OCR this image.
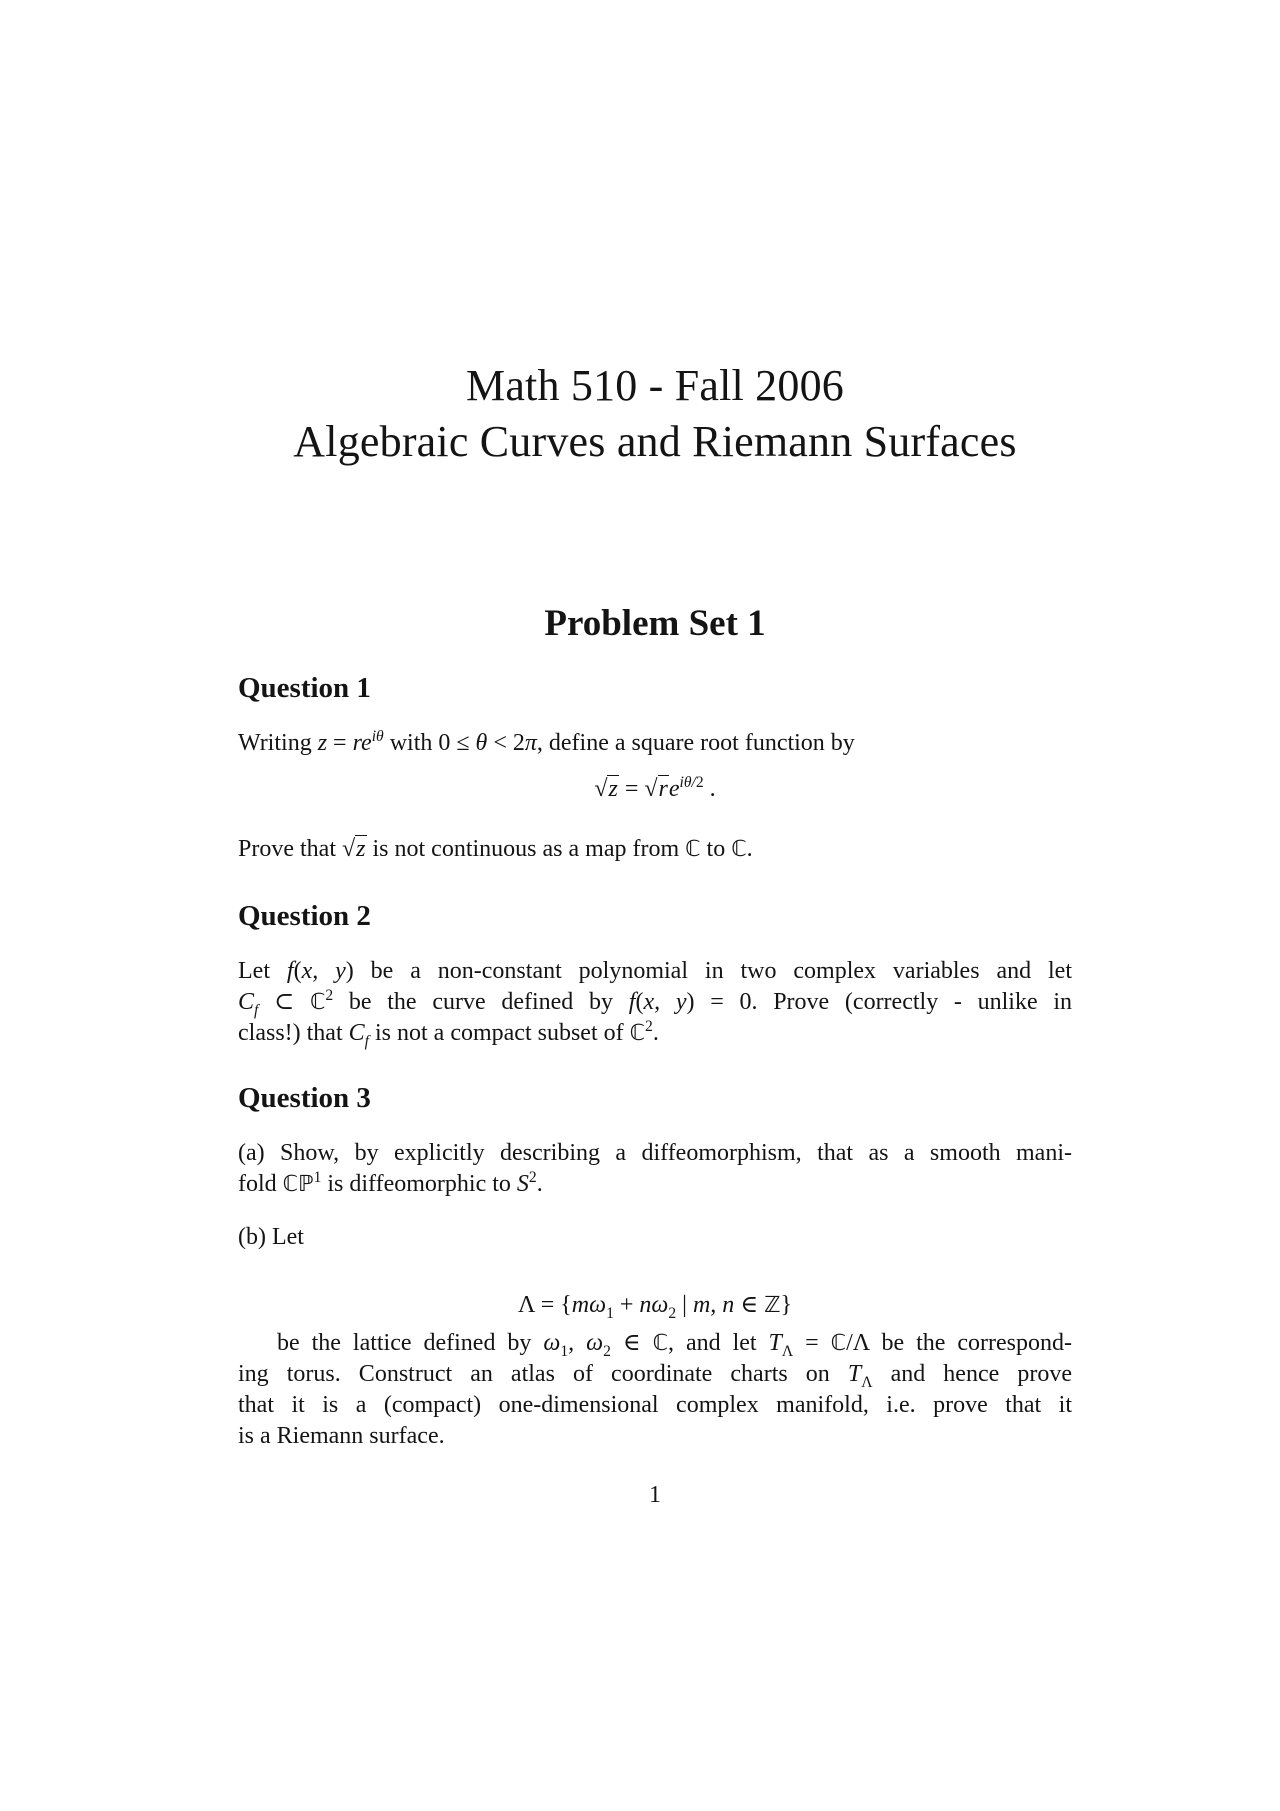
Math 510 - Fall 2006
Algebraic Curves and Riemann Surfaces
Problem Set 1
Question 1
Writing $z = re^{i\theta}$ with 0 ≤ θ < 2π, define a square root function by
$√z = √re^{i\theta/2}$ .
Prove that √z is not continuous as a map from ℂ to ℂ.
Question 2
Let f(x, y) be a non-constant polynomial in two complex variables and let
$C_f$ ⊂ ℂ$^2$ be the curve defined by f(x, y) = 0. Prove (correctly - unlike in
class!) that $C_f$ is not a compact subset of ℂ$^2$.
Question 3
(a) Show, by explicitly describing a diffeomorphism, that as a smooth mani-
fold ℂℙ$^1$ is diffeomorphic to $S^2$.
(b) Let
$\Lambda = \{m\omega_1 + n\omega_2$ | m, n ∈ ℤ}
be the lattice defined by $\omega_1$, $\omega_2$ ∈ ℂ, and let $T_\Lambda$ = ℂ/Λ be the correspond-
ing torus. Construct an atlas of coordinate charts on $T_\Lambda$ and hence prove
that it is a (compact) one-dimensional complex manifold, i.e. prove that it
is a Riemann surface.
1
